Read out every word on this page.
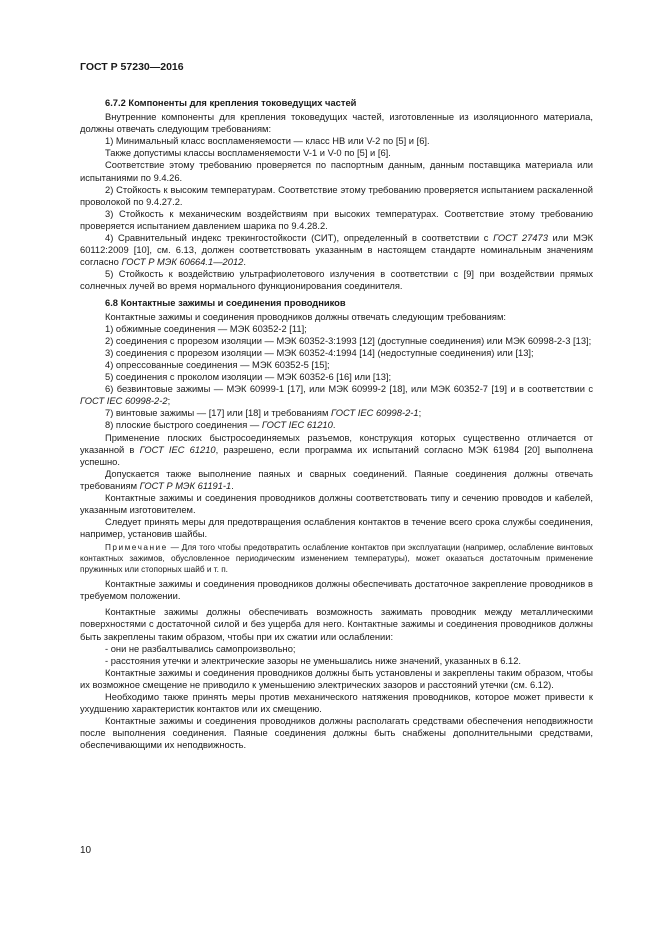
ГОСТ Р 57230—2016

6.7.2 Компоненты для крепления токоведущих частей

Внутренние компоненты для крепления токоведущих частей, изготовленные из изоляционного материала, должны отвечать следующим требованиям:

1) Минимальный класс воспламеняемости — класс НВ или V-2 по [5] и [6].

Также допустимы классы воспламеняемости V-1 и V-0 по [5] и [6].

Соответствие этому требованию проверяется по паспортным данным, данным поставщика материала или испытаниями по 9.4.26.

2) Стойкость к высоким температурам. Соответствие этому требованию проверяется испытанием раскаленной проволокой по 9.4.27.2.

3) Стойкость к механическим воздействиям при высоких температурах. Соответствие этому требованию проверяется испытанием давлением шарика по 9.4.28.2.

4) Сравнительный индекс трекингостойкости (СИТ), определенный в соответствии с ГОСТ 27473 или МЭК 60112:2009 [10], см. 6.13, должен соответствовать указанным в настоящем стандарте номинальным значениям согласно ГОСТ Р МЭК 60664.1—2012.

5) Стойкость к воздействию ультрафиолетового излучения в соответствии с [9] при воздействии прямых солнечных лучей во время нормального функционирования соединителя.

6.8 Контактные зажимы и соединения проводников

Контактные зажимы и соединения проводников должны отвечать следующим требованиям:

1) обжимные соединения — МЭК 60352-2 [11];

2) соединения с прорезом изоляции — МЭК 60352-3:1993 [12] (доступные соединения) или МЭК 60998-2-3 [13];

3) соединения с прорезом изоляции — МЭК 60352-4:1994 [14] (недоступные соединения) или [13];

4) опрессованные соединения — МЭК 60352-5 [15];

5) соединения с проколом изоляции — МЭК 60352-6 [16] или [13];

6) безвинтовые зажимы — МЭК 60999-1 [17], или МЭК 60999-2 [18], или МЭК 60352-7 [19] и в соответствии с ГОСТ IEC 60998-2-2;

7) винтовые зажимы — [17] или [18] и требованиям ГОСТ IEC 60998-2-1;

8) плоские быстрого соединения — ГОСТ IEC 61210.

Применение плоских быстросоединяемых разъемов, конструкция которых существенно отличается от указанной в ГОСТ IEC 61210, разрешено, если программа их испытаний согласно МЭК 61984 [20] выполнена успешно.

Допускается также выполнение паяных и сварных соединений. Паяные соединения должны отвечать требованиям ГОСТ Р МЭК 61191-1.

Контактные зажимы и соединения проводников должны соответствовать типу и сечению проводов и кабелей, указанным изготовителем.

Следует принять меры для предотвращения ослабления контактов в течение всего срока службы соединения, например, установив шайбы.

Примечание — Для того чтобы предотвратить ослабление контактов при эксплуатации (например, ослабление винтовых контактных зажимов, обусловленное периодическим изменением температуры), может оказаться достаточным применение пружинных или стопорных шайб и т. п.

Контактные зажимы и соединения проводников должны обеспечивать достаточное закрепление проводников в требуемом положении.

Контактные зажимы должны обеспечивать возможность зажимать проводник между металлическими поверхностями с достаточной силой и без ущерба для него. Контактные зажимы и соединения проводников должны быть закреплены таким образом, чтобы при их сжатии или ослаблении:

- они не разбалтывались самопроизвольно;

- расстояния утечки и электрические зазоры не уменьшались ниже значений, указанных в 6.12.

Контактные зажимы и соединения проводников должны быть установлены и закреплены таким образом, чтобы их возможное смещение не приводило к уменьшению электрических зазоров и расстояний утечки (см. 6.12).

Необходимо также принять меры против механического натяжения проводников, которое может привести к ухудшению характеристик контактов или их смещению.

Контактные зажимы и соединения проводников должны располагать средствами обеспечения неподвижности после выполнения соединения. Паяные соединения должны быть снабжены дополнительными средствами, обеспечивающими их неподвижность.

10
